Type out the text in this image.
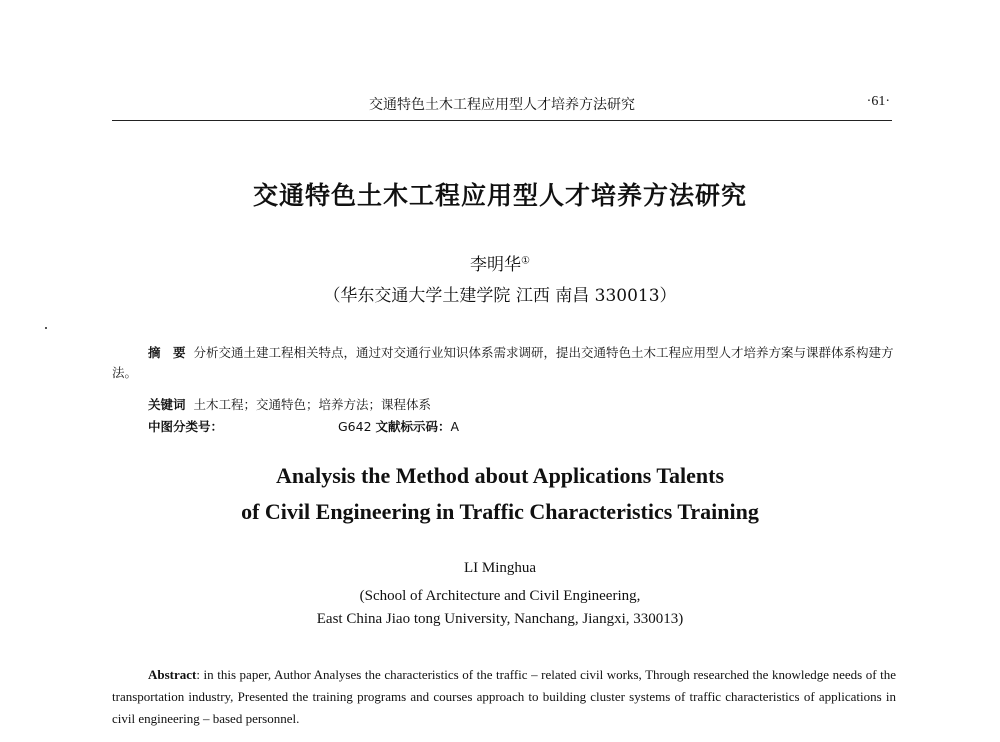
交通特色土木工程应用型人才培养方法研究	·61·
交通特色土木工程应用型人才培养方法研究
李明华①
（华东交通大学土建学院 江西 南昌 330013）
摘　要 分析交通土建工程相关特点，通过对交通行业知识体系需求调研，提出交通特色土木工程应用型人才培养方案与课群体系构建方法。
关键词 土木工程；交通特色；培养方法；课程体系
中图分类号：	G642 文献标示码：A
Analysis the Method about Applications Talents
of Civil Engineering in Traffic Characteristics Training
LI Minghua
(School of Architecture and Civil Engineering,
East China Jiao tong University, Nanchang, Jiangxi, 330013)
Abstract: in this paper, Author Analyses the characteristics of the traffic – related civil works, Through researched the knowledge needs of the transportation industry, Presented the training programs and courses approach to building cluster systems of traffic characteristics of applications in civil engineering – based personnel.
